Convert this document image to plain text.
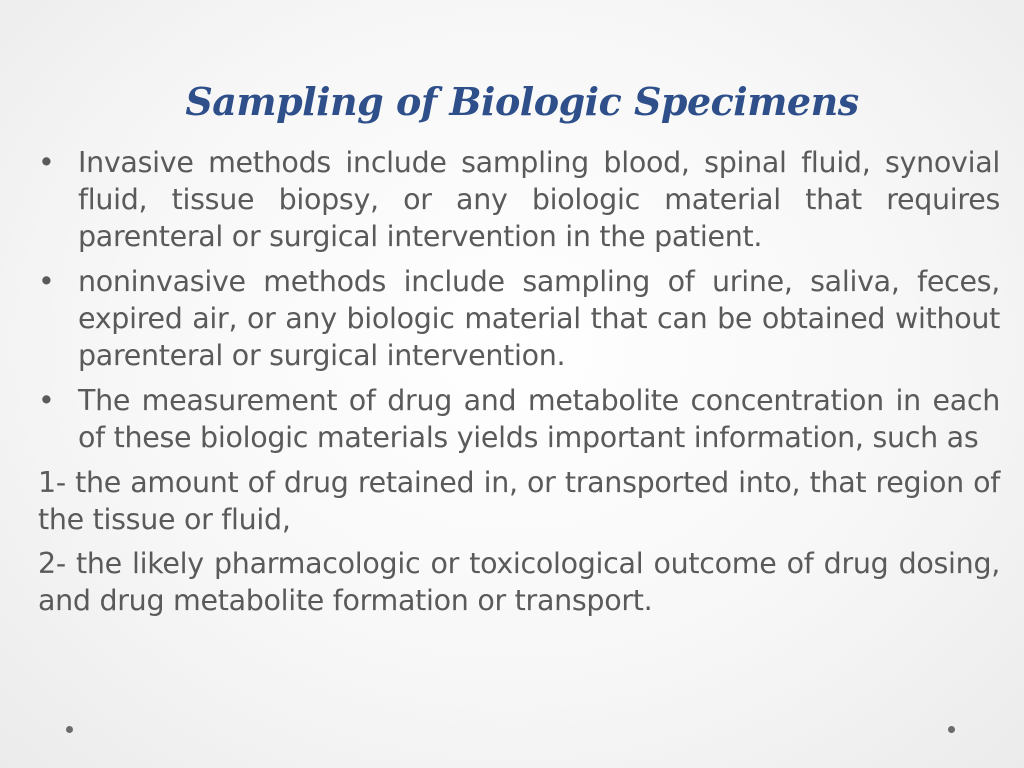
Sampling of Biologic Specimens
• Invasive methods include sampling blood, spinal fluid, synovial fluid, tissue biopsy, or any biologic material that requires parenteral or surgical intervention in the patient.
• noninvasive methods include sampling of urine, saliva, feces, expired air, or any biologic material that can be obtained without parenteral or surgical intervention.
• The measurement of drug and metabolite concentration in each of these biologic materials yields important information, such as
1- the amount of drug retained in, or transported into, that region of the tissue or fluid,
2- the likely pharmacologic or toxicological outcome of drug dosing, and drug metabolite formation or transport.
